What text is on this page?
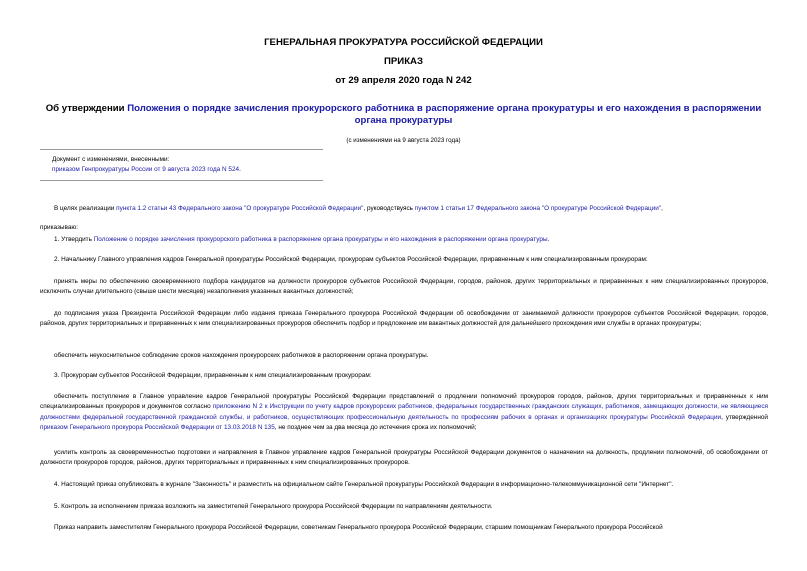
ГЕНЕРАЛЬНАЯ ПРОКУРАТУРА РОССИЙСКОЙ ФЕДЕРАЦИИ
ПРИКАЗ
от 29 апреля 2020 года N 242
Об утверждении Положения о порядке зачисления прокурорского работника в распоряжение органа прокуратуры и его нахождения в распоряжении органа прокуратуры
(с изменениями на 9 августа 2023 года)
Документ с изменениями, внесенными:
приказом Генпрокуратуры России от 9 августа 2023 года N 524.
В целях реализации пункта 1.2 статьи 43 Федерального закона "О прокуратуре Российской Федерации", руководствуясь пунктом 1 статьи 17 Федерального закона "О прокуратуре Российской Федерации",
приказываю:
1. Утвердить Положение о порядке зачисления прокурорского работника в распоряжение органа прокуратуры и его нахождения в распоряжении органа прокуратуры.
2. Начальнику Главного управления кадров Генеральной прокуратуры Российской Федерации, прокурорам субъектов Российской Федерации, приравненным к ним специализированным прокурорам:
принять меры по обеспечению своевременного подбора кандидатов на должности прокуроров субъектов Российской Федерации, городов, районов, других территориальных и приравненных к ним специализированных прокуроров, исключить случаи длительного (свыше шести месяцев) незаполнения указанных вакантных должностей;
до подписания указа Президента Российской Федерации либо издания приказа Генерального прокурора Российской Федерации об освобождении от занимаемой должности прокуроров субъектов Российской Федерации, городов, районов, других территориальных и приравненных к ним специализированных прокуроров обеспечить подбор и предложение им вакантных должностей для дальнейшего прохождения ими службы в органах прокуратуры;
обеспечить неукоснительное соблюдение сроков нахождения прокурорских работников в распоряжении органа прокуратуры.
3. Прокурорам субъектов Российской Федерации, приравненным к ним специализированным прокурорам:
обеспечить поступление в Главное управление кадров Генеральной прокуратуры Российской Федерации представлений о продлении полномочий прокуроров городов, районов, других территориальных и приравненных к ним специализированных прокуроров и документов согласно приложению N 2 к Инструкции по учету кадров прокурорских работников, федеральных государственных гражданских служащих, работников, замещающих должности, не являющиеся должностями федеральной государственной гражданской службы, и работников, осуществляющих профессиональную деятельность по профессиям рабочих в органах и организациях прокуратуры Российской Федерации, утвержденной приказом Генерального прокурора Российской Федерации от 13.03.2018 N 135, не позднее чем за два месяца до истечения срока их полномочий;
усилить контроль за своевременностью подготовки и направления в Главное управление кадров Генеральной прокуратуры Российской Федерации документов о назначении на должность, продлении полномочий, об освобождении от должности прокуроров городов, районов, других территориальных и приравненных к ним специализированных прокуроров.
4. Настоящий приказ опубликовать в журнале "Законность" и разместить на официальном сайте Генеральной прокуратуры Российской Федерации в информационно-телекоммуникационной сети "Интернет".
5. Контроль за исполнением приказа возложить на заместителей Генерального прокурора Российской Федерации по направлениям деятельности.
Приказ направить заместителям Генерального прокурора Российской Федерации, советникам Генерального прокурора Российской Федерации, старшим помощникам Генерального прокурора Российской
